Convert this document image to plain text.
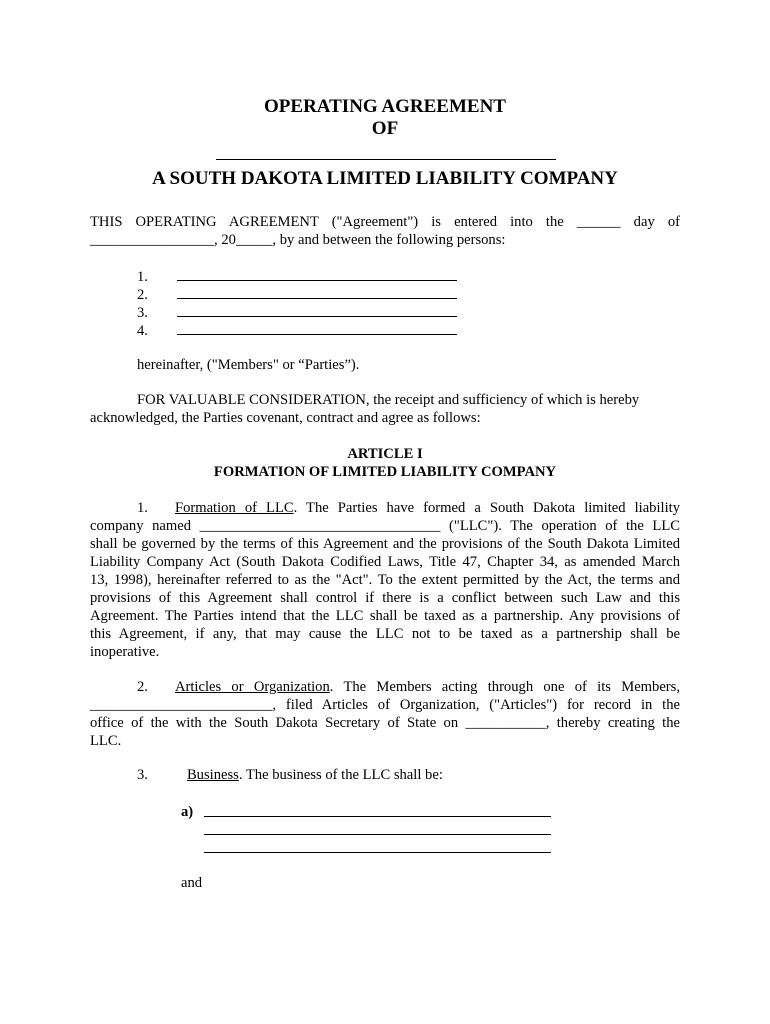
OPERATING AGREEMENT
OF
A SOUTH DAKOTA LIMITED LIABILITY COMPANY

THIS OPERATING AGREEMENT ("Agreement") is entered into the ______ day of

_________________, 20_____, by and between the following persons:

1.
2.
3.
4.
hereinafter, ("Members" or “Parties”).

FOR VALUABLE CONSIDERATION, the receipt and sufficiency of which is hereby

acknowledged, the Parties covenant, contract and agree as follows:

ARTICLE I
FORMATION OF LIMITED LIABILITY COMPANY

1. Formation of LLC. The Parties have formed a South Dakota limited liability

company named _________________________________ ("LLC"). The operation of the LLC

shall be governed by the terms of this Agreement and the provisions of the South Dakota Limited

Liability Company Act (South Dakota Codified Laws, Title 47, Chapter 34, as amended March

13, 1998), hereinafter referred to as the "Act". To the extent permitted by the Act, the terms and

provisions of this Agreement shall control if there is a conflict between such Law and this

Agreement. The Parties intend that the LLC shall be taxed as a partnership. Any provisions of

this Agreement, if any, that may cause the LLC not to be taxed as a partnership shall be

inoperative.

2. Articles or Organization. The Members acting through one of its Members,

_________________________, filed Articles of Organization, ("Articles") for record in the

office of the with the South Dakota Secretary of State on ___________, thereby creating the

LLC.

3.	Business. The business of the LLC shall be:
a)
and
